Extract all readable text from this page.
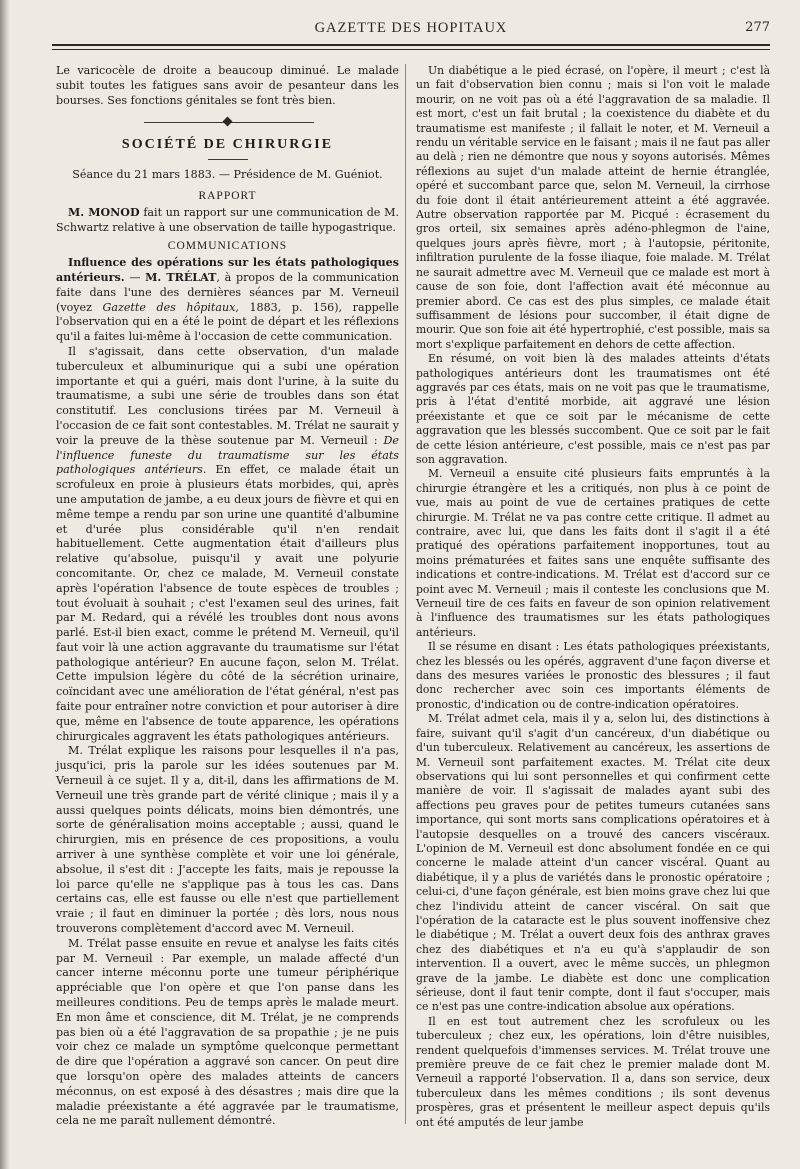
GAZETTE DES HOPITAUX	277

Le varicocèle de droite a beaucoup diminué. Le malade subit toutes les fatigues sans avoir de pesanteur dans les bourses. Ses fonctions génitales se font très bien.

SOCIÉTÉ DE CHIRURGIE
Séance du 21 mars 1883. — Présidence de M. Guéniot.
RAPPORT

M. MONOD fait un rapport sur une communication de M. Schwartz relative à une observation de taille hypogastrique.

COMMUNICATIONS

Influence des opérations sur les états pathologiques antérieurs. — M. TRÉLAT, à propos de la communication faite dans l'une des dernières séances par M. Verneuil (voyez Gazette des hôpitaux, 1883, p. 156), rappelle l'observation qui en a été le point de départ et les réflexions qu'il a faites lui-même à l'occasion de cette communication.

Il s'agissait, dans cette observation, d'un malade tuberculeux et albuminurique qui a subi une opération importante et qui a guéri, mais dont l'urine, à la suite du traumatisme, a subi une série de troubles dans son état constitutif. Les conclusions tirées par M. Verneuil à l'occasion de ce fait sont contestables. M. Trélat ne saurait y voir la preuve de la thèse soutenue par M. Verneuil : De l'influence funeste du traumatisme sur les états pathologiques antérieurs. En effet, ce malade était un scrofuleux en proie à plusieurs états morbides, qui, après une amputation de jambe, a eu deux jours de fièvre et qui en même tempe a rendu par son urine une quantité d'albumine et d'urée plus considérable qu'il n'en rendait habituellement. Cette augmentation était d'ailleurs plus relative qu'absolue, puisqu'il y avait une polyurie concomitante. Or, chez ce malade, M. Verneuil constate après l'opération l'absence de toute espèces de troubles ; tout évoluait à souhait ; c'est l'examen seul des urines, fait par M. Redard, qui a révélé les troubles dont nous avons parlé. Est-il bien exact, comme le prétend M. Verneuil, qu'il faut voir là une action aggravante du traumatisme sur l'état pathologique antérieur? En aucune façon, selon M. Trélat. Cette impulsion légère du côté de la sécrétion urinaire, coïncidant avec une amélioration de l'état général, n'est pas faite pour entraîner notre conviction et pour autoriser à dire que, même en l'absence de toute apparence, les opérations chirurgicales aggravent les états pathologiques antérieurs.

M. Trélat explique les raisons pour lesquelles il n'a pas, jusqu'ici, pris la parole sur les idées soutenues par M. Verneuil à ce sujet. Il y a, dit-il, dans les affirmations de M. Verneuil une très grande part de vérité clinique ; mais il y a aussi quelques points délicats, moins bien démontrés, une sorte de généralisation moins acceptable ; aussi, quand le chirurgien, mis en présence de ces propositions, a voulu arriver à une synthèse complète et voir une loi générale, absolue, il s'est dit : J'accepte les faits, mais je repousse la loi parce qu'elle ne s'applique pas à tous les cas. Dans certains cas, elle est fausse ou elle n'est que partiellement vraie ; il faut en diminuer la portée ; dès lors, nous nous trouverons complètement d'accord avec M. Verneuil.

M. Trélat passe ensuite en revue et analyse les faits cités par M. Verneuil : Par exemple, un malade affecté d'un cancer interne méconnu porte une tumeur périphérique appréciable que l'on opère et que l'on panse dans les meilleures conditions. Peu de temps après le malade meurt. En mon âme et conscience, dit M. Trélat, je ne comprends pas bien où a été l'aggravation de sa propathie ; je ne puis voir chez ce malade un symptôme quelconque permettant de dire que l'opération a aggravé son cancer. On peut dire que lorsqu'on opère des malades atteints de cancers méconnus, on est exposé à des désastres ; mais dire que la maladie préexistante a été aggravée par le traumatisme, cela ne me paraît nullement démontré.

Un diabétique a le pied écrasé, on l'opère, il meurt ; c'est là un fait d'observation bien connu ; mais si l'on voit le malade mourir, on ne voit pas où a été l'aggravation de sa maladie. Il est mort, c'est un fait brutal ; la coexistence du diabète et du traumatisme est manifeste ; il fallait le noter, et M. Verneuil a rendu un véritable service en le faisant ; mais il ne faut pas aller au delà ; rien ne démontre que nous y soyons autorisés. Mêmes réflexions au sujet d'un malade atteint de hernie étranglée, opéré et succombant parce que, selon M. Verneuil, la cirrhose du foie dont il était antérieurement atteint a été aggravée. Autre observation rapportée par M. Picqué : écrasement du gros orteil, six semaines après adéno-phlegmon de l'aine, quelques jours après fièvre, mort ; à l'autopsie, péritonite, infiltration purulente de la fosse iliaque, foie malade. M. Trélat ne saurait admettre avec M. Verneuil que ce malade est mort à cause de son foie, dont l'affection avait été méconnue au premier abord. Ce cas est des plus simples, ce malade était suffisamment de lésions pour succomber, il était digne de mourir. Que son foie ait été hypertrophié, c'est possible, mais sa mort s'explique parfaitement en dehors de cette affection.

En résumé, on voit bien là des malades atteints d'états pathologiques antérieurs dont les traumatismes ont été aggravés par ces états, mais on ne voit pas que le traumatisme, pris à l'état d'entité morbide, ait aggravé une lésion préexistante et que ce soit par le mécanisme de cette aggravation que les blessés succombent. Que ce soit par le fait de cette lésion antérieure, c'est possible, mais ce n'est pas par son aggravation.

M. Verneuil a ensuite cité plusieurs faits empruntés à la chirurgie étrangère et les a critiqués, non plus à ce point de vue, mais au point de vue de certaines pratiques de cette chirurgie. M. Trélat ne va pas contre cette critique. Il admet au contraire, avec lui, que dans les faits dont il s'agit il a été pratiqué des opérations parfaitement inopportunes, tout au moins prématurées et faites sans une enquête suffisante des indications et contre-indications. M. Trélat est d'accord sur ce point avec M. Verneuil ; mais il conteste les conclusions que M. Verneuil tire de ces faits en faveur de son opinion relativement à l'influence des traumatismes sur les états pathologiques antérieurs.

Il se résume en disant : Les états pathologiques préexistants, chez les blessés ou les opérés, aggravent d'une façon diverse et dans des mesures variées le pronostic des blessures ; il faut donc rechercher avec soin ces importants éléments de pronostic, d'indication ou de contre-indication opératoires.

M. Trélat admet cela, mais il y a, selon lui, des distinctions à faire, suivant qu'il s'agit d'un cancéreux, d'un diabétique ou d'un tuberculeux. Relativement au cancéreux, les assertions de M. Verneuil sont parfaitement exactes. M. Trélat cite deux observations qui lui sont personnelles et qui confirment cette manière de voir. Il s'agissait de malades ayant subi des affections peu graves pour de petites tumeurs cutanées sans importance, qui sont morts sans complications opératoires et à l'autopsie desquelles on a trouvé des cancers viscéraux. L'opinion de M. Verneuil est donc absolument fondée en ce qui concerne le malade atteint d'un cancer viscéral. Quant au diabétique, il y a plus de variétés dans le pronostic opératoire ; celui-ci, d'une façon générale, est bien moins grave chez lui que chez l'individu atteint de cancer viscéral. On sait que l'opération de la cataracte est le plus souvent inoffensive chez le diabétique ; M. Trélat a ouvert deux fois des anthrax graves chez des diabétiques et n'a eu qu'à s'applaudir de son intervention. Il a ouvert, avec le même succès, un phlegmon grave de la jambe. Le diabète est donc une complication sérieuse, dont il faut tenir compte, dont il faut s'occuper, mais ce n'est pas une contre-indication absolue aux opérations.

Il en est tout autrement chez les scrofuleux ou les tuberculeux ; chez eux, les opérations, loin d'être nuisibles, rendent quelquefois d'immenses services. M. Trélat trouve une première preuve de ce fait chez le premier malade dont M. Verneuil a rapporté l'observation. Il a, dans son service, deux tuberculeux dans les mêmes conditions ; ils sont devenus prospères, gras et présentent le meilleur aspect depuis qu'ils ont été amputés de leur jambe
